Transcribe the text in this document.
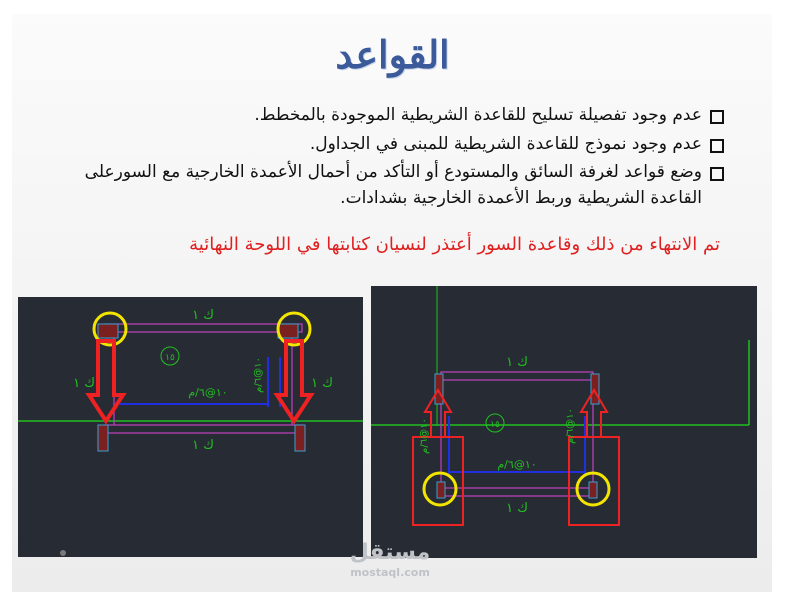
القواعد
عدم وجود تفصيلة تسليح للقاعدة الشريطية الموجودة بالمخطط.
عدم وجود نموذج للقاعدة الشريطية للمبنى في الجداول.
وضع قواعد لغرفة السائق والمستودع أو التأكد من أحمال الأعمدة الخارجية مع السورعلى القاعدة الشريطية وربط الأعمدة الخارجية بشدادات.
تم الانتهاء من ذلك وقاعدة السور أعتذر لنسيان كتابتها في اللوحة النهائية
ك ١
ك ١
ك ١	ك ١
١٥
١٠@٦/م	١٠@٦/م	ك ١
ك ١
١٥
١٠@٦/م
١٠@٦/م
١٠@٦/م
مستقل
mostaql.com
